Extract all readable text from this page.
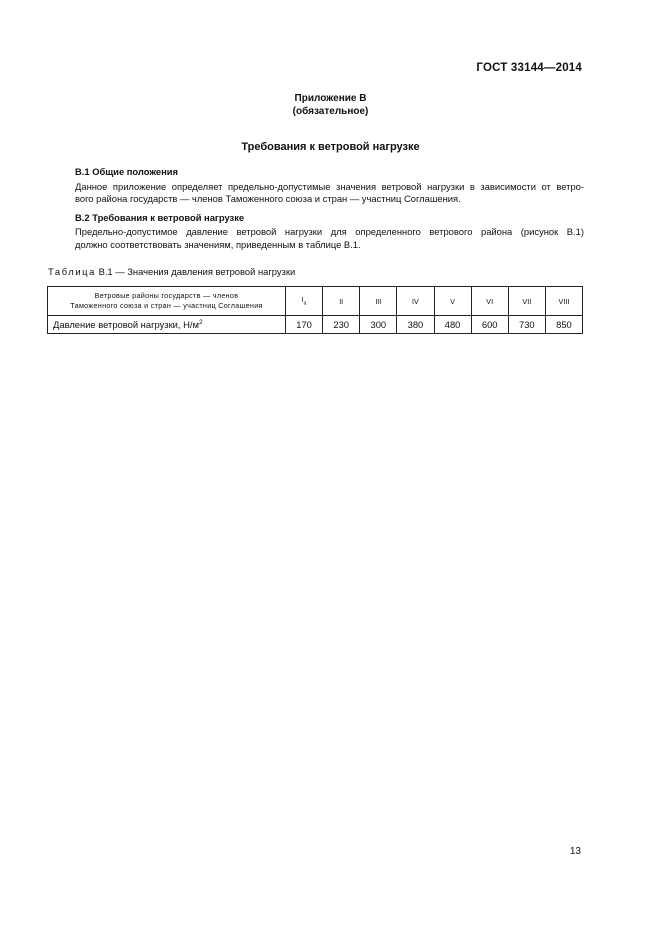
ГОСТ 33144—2014
Приложение В
(обязательное)
Требования к ветровой нагрузке
В.1 Общие положения
Данное приложение определяет предельно-допустимые значения ветровой нагрузки в зависимости от ветро-
вого района государств — членов Таможенного союза и стран — участниц Соглашения.
В.2 Требования к ветровой нагрузке
Предельно-допустимое давление ветровой нагрузки для определенного ветрового района (рисунок В.1)
должно соответствовать значениям, приведенным в таблице В.1.
Таблица В.1 — Значения давления ветровой нагрузки
Ветровые районы государств — членов
Таможенного союза и стран — участниц Соглашения	$I_a$	II	III	IV	V	VI	VII	VIII
Давление ветровой нагрузки, $Н/м^2$	170	230	300	380	480	600	730	850
13
